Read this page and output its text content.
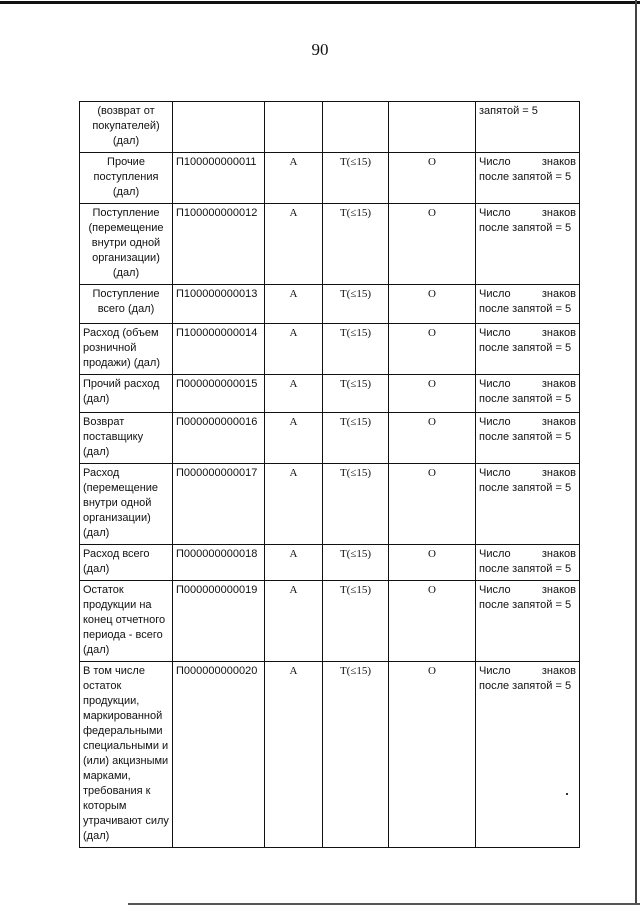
90
(возврат от покупателей) (дал)					запятой = 5
Прочие поступления (дал)	П100000000011	А	Т(≤15)	О	Число знаков после запятой = 5
Поступление (перемещение внутри одной организации) (дал)	П100000000012	А	Т(≤15)	О	Число знаков после запятой = 5
Поступление всего (дал)	П100000000013	А	Т(≤15)	О	Число знаков после запятой = 5
Расход (объем розничной продажи) (дал)	П100000000014	А	Т(≤15)	О	Число знаков после запятой = 5
Прочий расход (дал)	П000000000015	А	Т(≤15)	О	Число знаков после запятой = 5
Возврат поставщику (дал)	П000000000016	А	Т(≤15)	О	Число знаков после запятой = 5
Расход (перемещение внутри одной организации) (дал)	П000000000017	А	Т(≤15)	О	Число знаков после запятой = 5
Расход всего (дал)	П000000000018	А	Т(≤15)	О	Число знаков после запятой = 5
Остаток продукции на конец отчетного периода - всего (дал)	П000000000019	А	Т(≤15)	О	Число знаков после запятой = 5
В том числе остаток продукции, маркированной федеральными специальными и (или) акцизными марками, требования к которым утрачивают силу (дал)	П000000000020	А	Т(≤15)	О	Число знаков после запятой = 5
